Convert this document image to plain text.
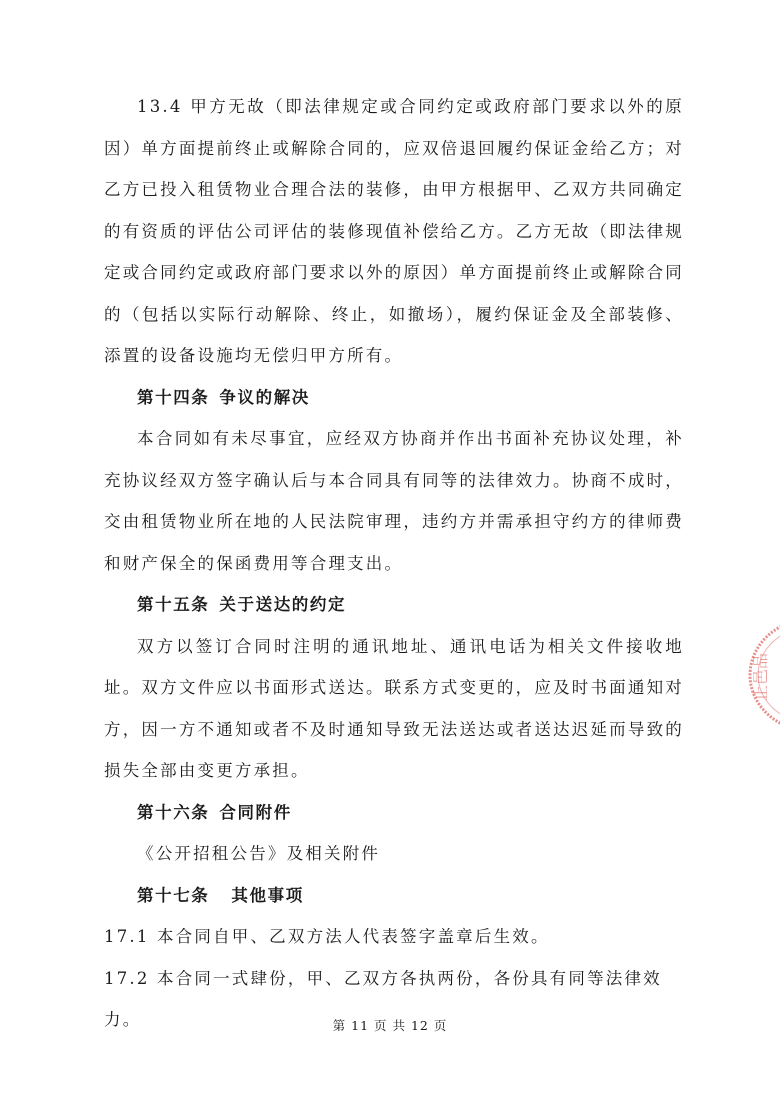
13.4 甲方无故（即法律规定或合同约定或政府部门要求以外的原因）单方面提前终止或解除合同的，应双倍退回履约保证金给乙方；对乙方已投入租赁物业合理合法的装修，由甲方根据甲、乙双方共同确定的有资质的评估公司评估的装修现值补偿给乙方。乙方无故（即法律规定或合同约定或政府部门要求以外的原因）单方面提前终止或解除合同的（包括以实际行动解除、终止，如撤场），履约保证金及全部装修、添置的设备设施均无偿归甲方所有。

第十四条 争议的解决

本合同如有未尽事宜，应经双方协商并作出书面补充协议处理，补充协议经双方签字确认后与本合同具有同等的法律效力。协商不成时，交由租赁物业所在地的人民法院审理，违约方并需承担守约方的律师费和财产保全的保函费用等合理支出。

第十五条 关于送达的约定

双方以签订合同时注明的通讯地址、通讯电话为相关文件接收地址。双方文件应以书面形式送达。联系方式变更的，应及时书面通知对方，因一方不通知或者不及时通知导致无法送达或者送达迟延而导致的损失全部由变更方承担。

第十六条 合同附件

《公开招租公告》及相关附件

第十七条 其他事项

17.1 本合同自甲、乙双方法人代表签字盖章后生效。

17.2 本合同一式肆份，甲、乙双方各执两份，各份具有同等法律效力。

止邑品
第 11 页 共 12 页
